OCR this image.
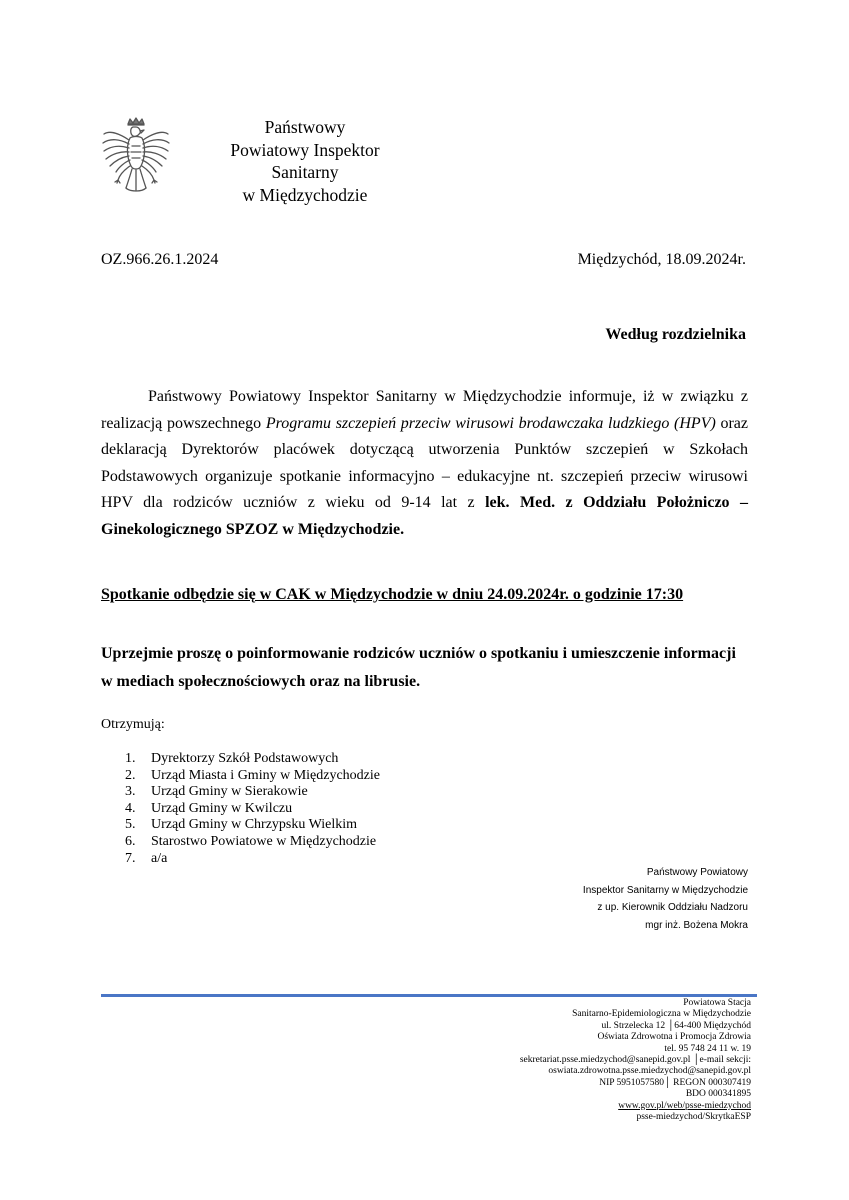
Państwowy
Powiatowy Inspektor
Sanitarny
w Międzychodzie
OZ.966.26.1.2024	Międzychód, 18.09.2024r.
Według rozdzielnika

Państwowy Powiatowy Inspektor Sanitarny w Międzychodzie informuje, iż w związku z realizacją powszechnego Programu szczepień przeciw wirusowi brodawczaka ludzkiego (HPV) oraz deklaracją Dyrektorów placówek dotyczącą utworzenia Punktów szczepień w Szkołach Podstawowych organizuje spotkanie informacyjno – edukacyjne nt. szczepień przeciw wirusowi HPV dla rodziców uczniów z wieku od 9-14 lat z lek. Med. z Oddziału Położniczo – Ginekologicznego SPZOZ w Międzychodzie.

Spotkanie odbędzie się w CAK w Międzychodzie w dniu 24.09.2024r. o godzinie 17:30
Uprzejmie proszę o poinformowanie rodziców uczniów o spotkaniu i umieszczenie informacji w mediach społecznościowych oraz na librusie.
Otrzymują:
1.	Dyrektorzy Szkół Podstawowych
2.	Urząd Miasta i Gminy w Międzychodzie
3.	Urząd Gminy w Sierakowie
4.	Urząd Gminy w Kwilczu
5.	Urząd Gminy w Chrzypsku Wielkim
6.	Starostwo Powiatowe w Międzychodzie
7.	a/a
Państwowy Powiatowy
Inspektor Sanitarny w Międzychodzie
z up. Kierownik Oddziału Nadzoru
mgr inż. Bożena Mokra
Powiatowa Stacja
Sanitarno-Epidemiologiczna w Międzychodzie
ul. Strzelecka 12 │64-400 Międzychód
Oświata Zdrowotna i Promocja Zdrowia
tel. 95 748 24 11 w. 19
sekretariat.psse.miedzychod@sanepid.gov.pl │e-mail sekcji:
oswiata.zdrowotna.psse.miedzychod@sanepid.gov.pl
NIP 5951057580│ REGON 000307419
BDO 000341895
www.gov.pl/web/psse-miedzychod
psse-miedzychod/SkrytkaESP
